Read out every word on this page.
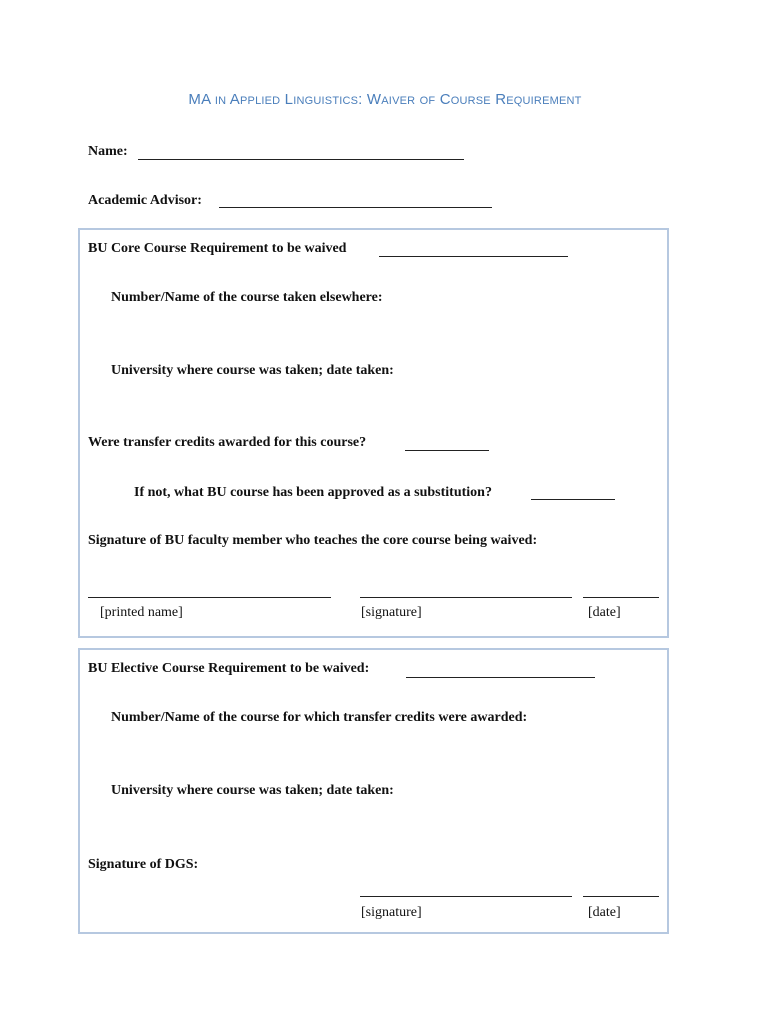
MA in Applied Linguistics: Waiver of Course Requirement
Name:
Academic Advisor:
BU Core Course Requirement to be waived
Number/Name of the course taken elsewhere:
University where course was taken; date taken:
Were transfer credits awarded for this course?
If not, what BU course has been approved as a substitution?
Signature of BU faculty member who teaches the core course being waived:
[printed name]	[signature]	[date]
BU Elective Course Requirement to be waived:
Number/Name of the course for which transfer credits were awarded:
University where course was taken; date taken:
Signature of DGS:
[signature]	[date]
